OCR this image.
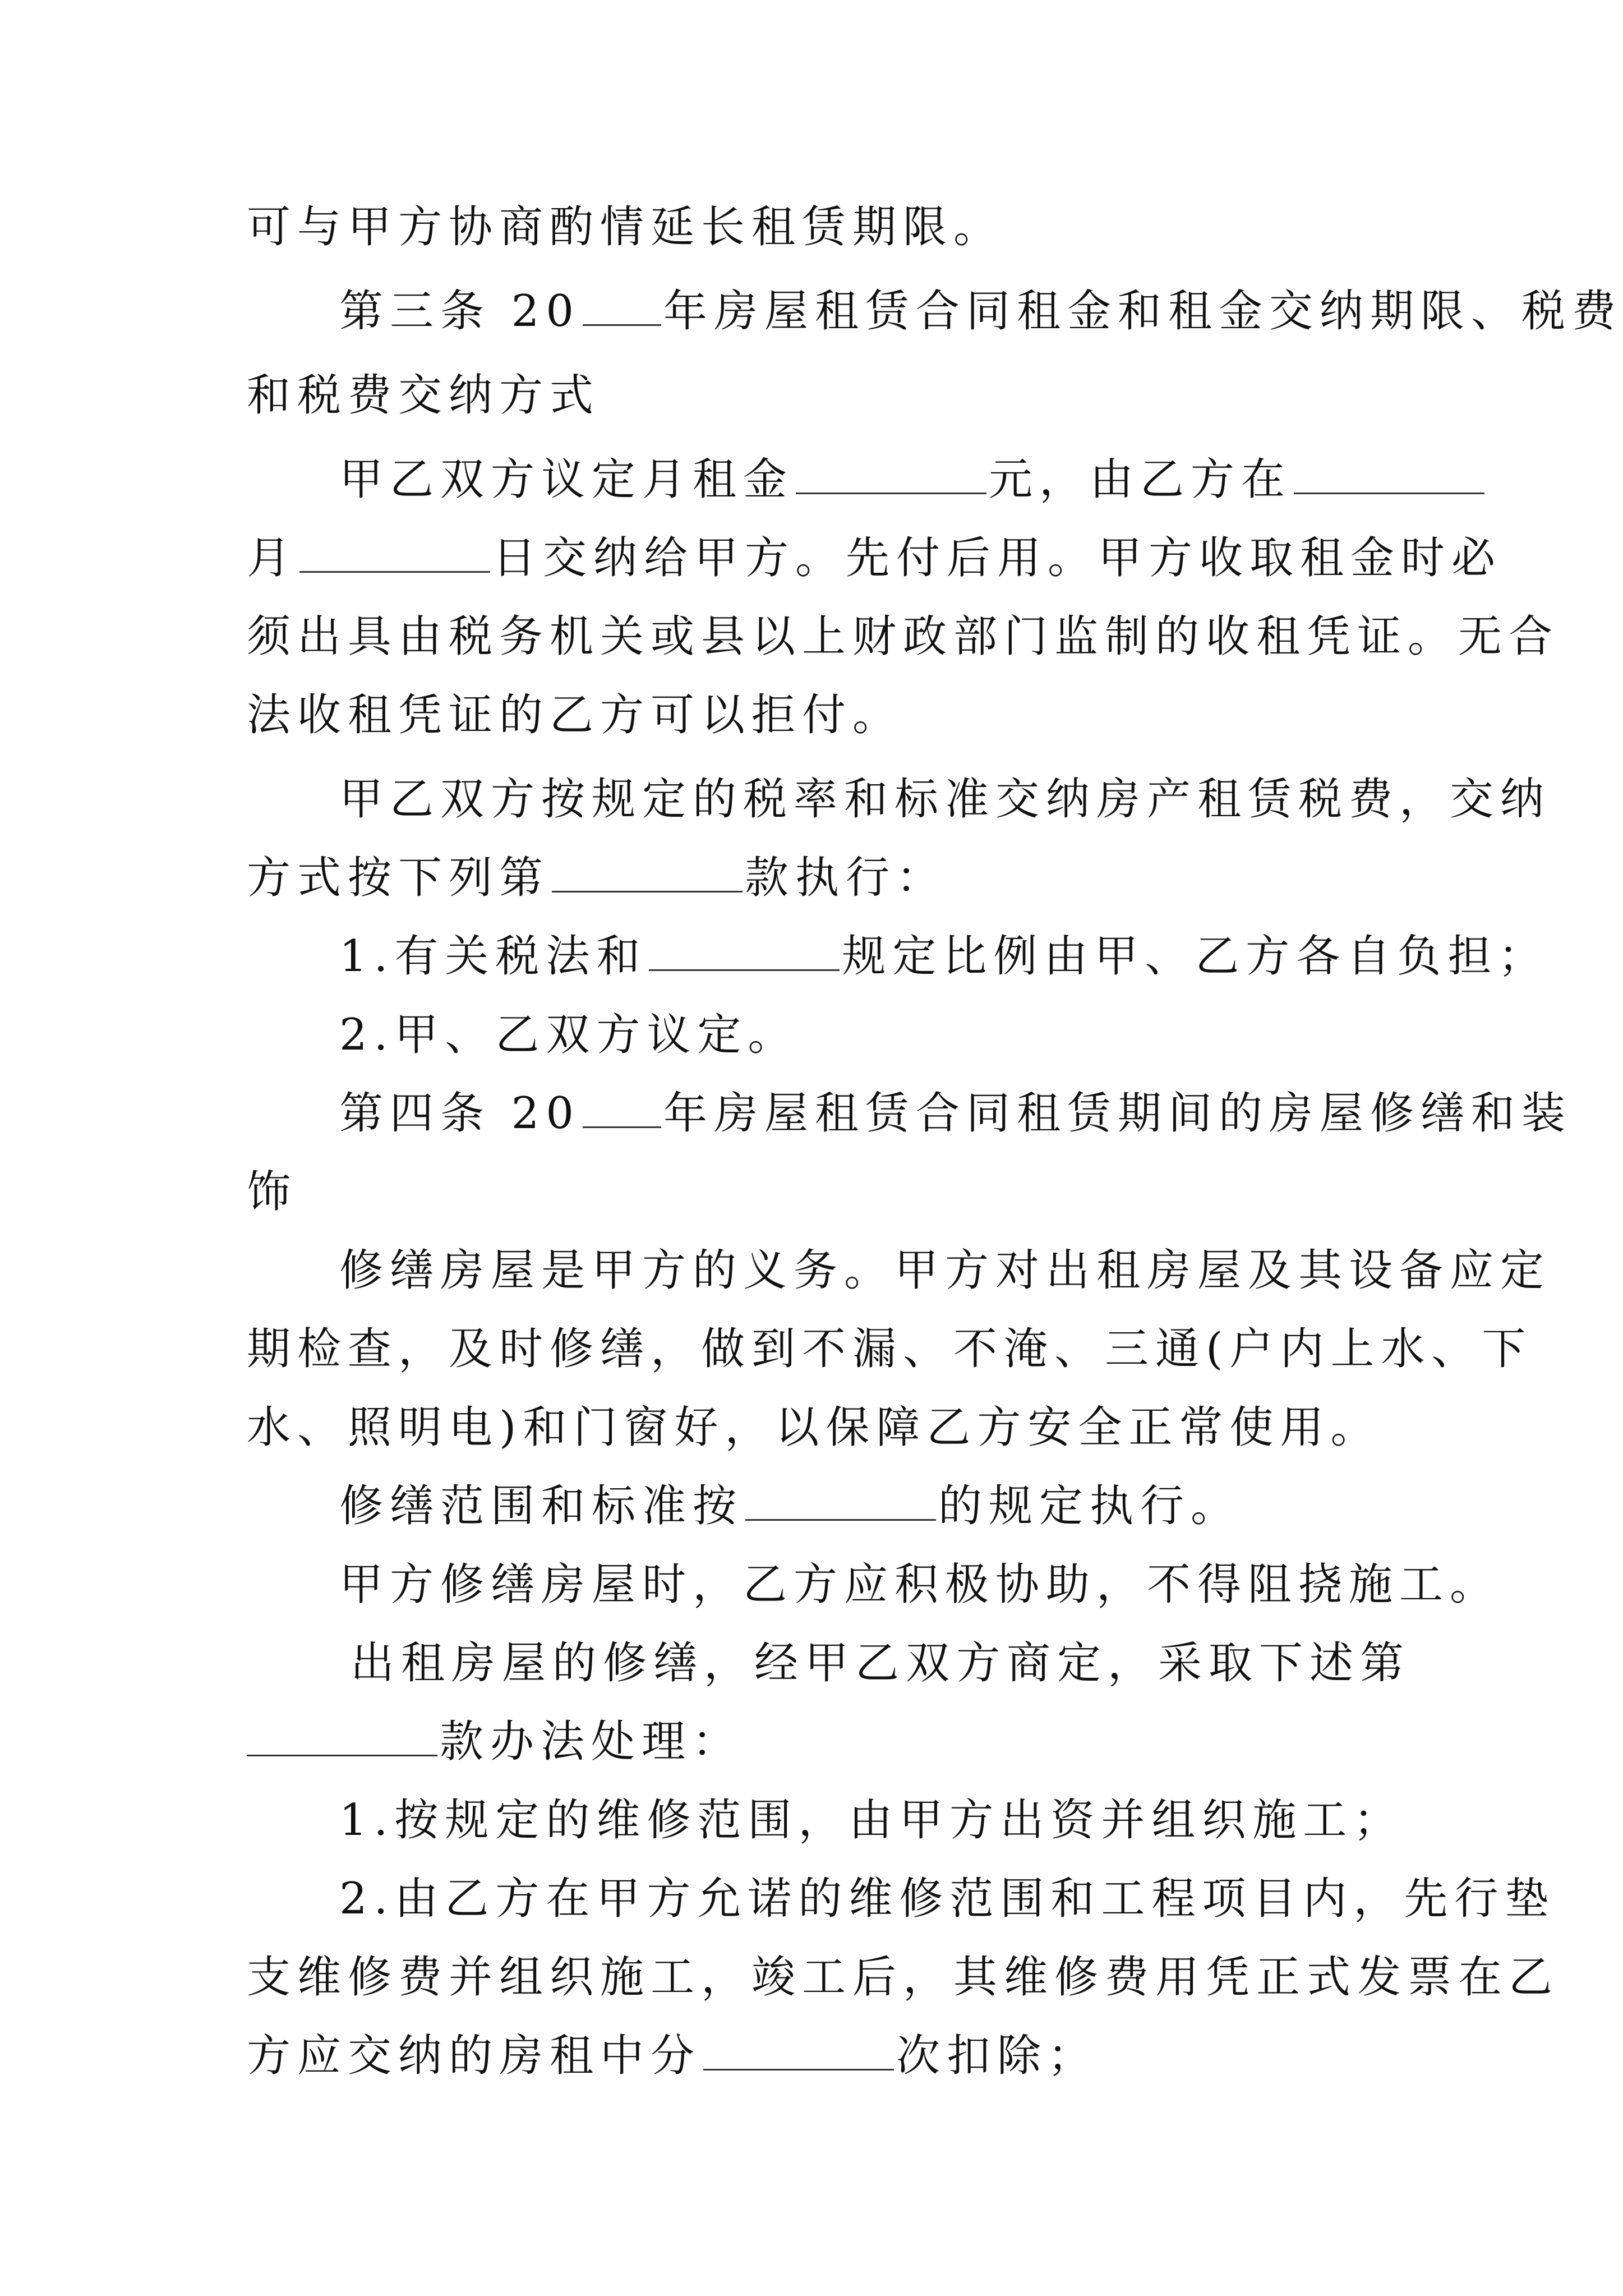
可与甲方协商酌情延长租赁期限。
第三条 20 年房屋租赁合同租金和租金交纳期限、税费
和税费交纳方式
甲乙双方议定月租金	元，由乙方在
月	日交纳给甲方。先付后用。甲方收取租金时必
须出具由税务机关或县以上财政部门监制的收租凭证。无合
法收租凭证的乙方可以拒付。
甲乙双方按规定的税率和标准交纳房产租赁税费，交纳
方式按下列第	款执行：
1.有关税法和	规定比例由甲、乙方各自负担；
2.甲、乙双方议定。
第四条 20 年房屋租赁合同租赁期间的房屋修缮和装
饰
修缮房屋是甲方的义务。甲方对出租房屋及其设备应定
期检查，及时修缮，做到不漏、不淹、三通(户内上水、下
水、照明电)和门窗好，以保障乙方安全正常使用。
修缮范围和标准按	的规定执行。
甲方修缮房屋时，乙方应积极协助，不得阻挠施工。
出租房屋的修缮，经甲乙双方商定，采取下述第
款办法处理：
1.按规定的维修范围，由甲方出资并组织施工；
2.由乙方在甲方允诺的维修范围和工程项目内，先行垫
支维修费并组织施工，竣工后，其维修费用凭正式发票在乙
方应交纳的房租中分	次扣除；
